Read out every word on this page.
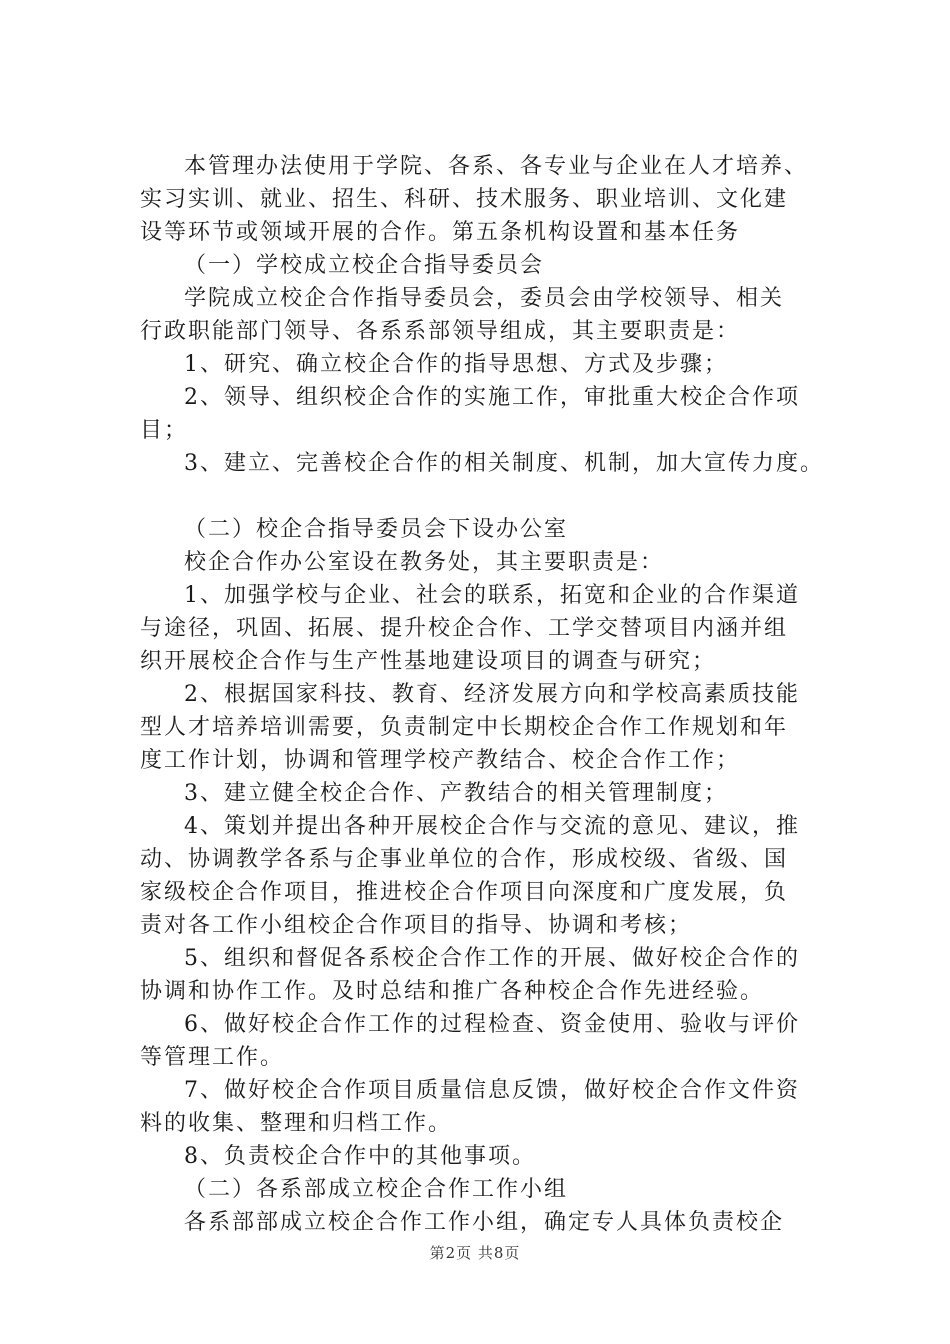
本管理办法使用于学院、各系、各专业与企业在人才培养、
实习实训、就业、招生、科研、技术服务、职业培训、文化建
设等环节或领域开展的合作。第五条机构设置和基本任务
（一）学校成立校企合指导委员会
学院成立校企合作指导委员会，委员会由学校领导、相关
行政职能部门领导、各系系部领导组成，其主要职责是：
1、研究、确立校企合作的指导思想、方式及步骤；
2、领导、组织校企合作的实施工作，审批重大校企合作项
目；
3、建立、完善校企合作的相关制度、机制，加大宣传力度。
（二）校企合指导委员会下设办公室
校企合作办公室设在教务处，其主要职责是：
1、加强学校与企业、社会的联系，拓宽和企业的合作渠道
与途径，巩固、拓展、提升校企合作、工学交替项目内涵并组
织开展校企合作与生产性基地建设项目的调查与研究；
2、根据国家科技、教育、经济发展方向和学校高素质技能
型人才培养培训需要，负责制定中长期校企合作工作规划和年
度工作计划，协调和管理学校产教结合、校企合作工作；
3、建立健全校企合作、产教结合的相关管理制度；
4、策划并提出各种开展校企合作与交流的意见、建议，推
动、协调教学各系与企事业单位的合作，形成校级、省级、国
家级校企合作项目，推进校企合作项目向深度和广度发展，负
责对各工作小组校企合作项目的指导、协调和考核；
5、组织和督促各系校企合作工作的开展、做好校企合作的
协调和协作工作。及时总结和推广各种校企合作先进经验。
6、做好校企合作工作的过程检查、资金使用、验收与评价
等管理工作。
7、做好校企合作项目质量信息反馈，做好校企合作文件资
料的收集、整理和归档工作。
8、负责校企合作中的其他事项。
（二）各系部成立校企合作工作小组
各系部部成立校企合作工作小组，确定专人具体负责校企
第2页 共8页
